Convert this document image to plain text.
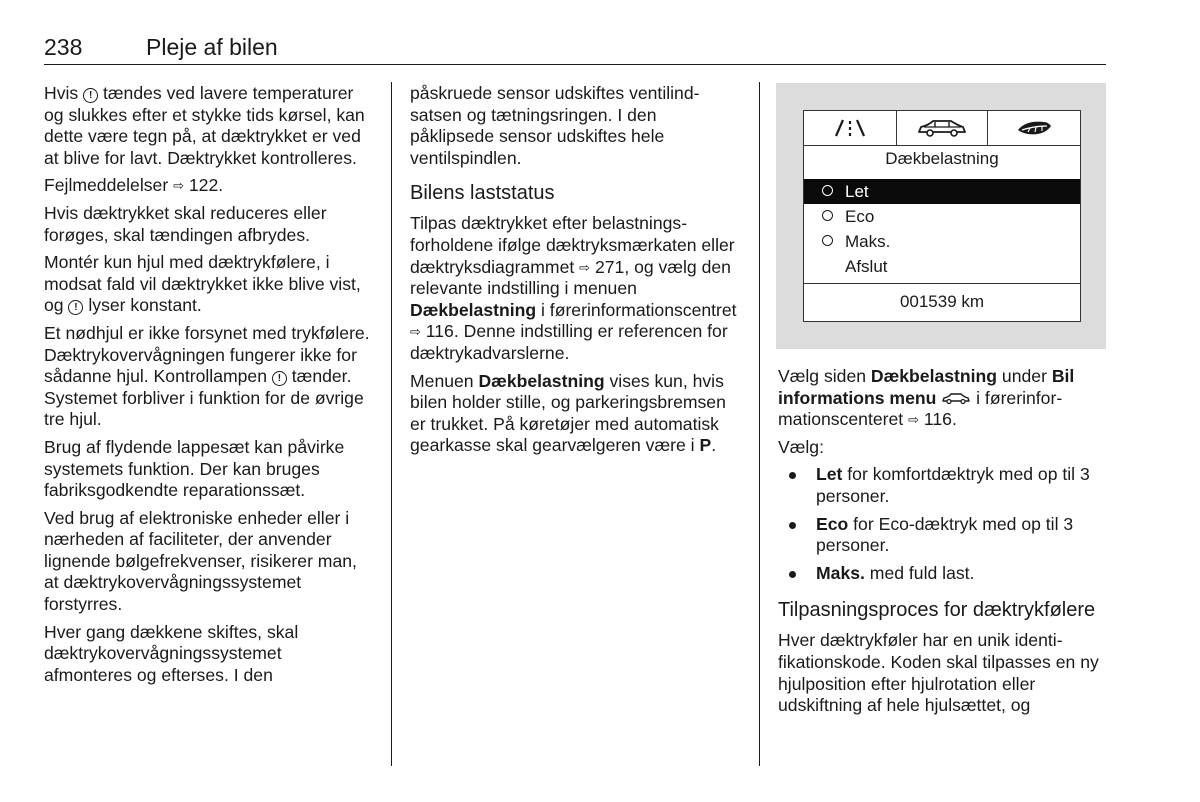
238	Pleje af bilen

Hvis ! tændes ved lavere temperaturer og slukkes efter et stykke tids kørsel, kan dette være tegn på, at dæktrykket er ved at blive for lavt. Dæktrykket kontrolleres.

Fejlmeddelelser ⇨ 122.

Hvis dæktrykket skal reduceres eller forøges, skal tændingen afbrydes.

Montér kun hjul med dæktrykfølere, i modsat fald vil dæktrykket ikke blive vist, og ! lyser konstant.

Et nødhjul er ikke forsynet med trykfølere. Dæktrykovervågningen fungerer ikke for sådanne hjul. Kontrollampen ! tænder. Systemet forbliver i funktion for de øvrige tre hjul.

Brug af flydende lappesæt kan påvirke systemets funktion. Der kan bruges fabriksgodkendte reparationssæt.

Ved brug af elektroniske enheder eller i nærheden af faciliteter, der anvender lignende bølgefrekvenser, risikerer man, at dæktrykovervågningssystemet forstyrres.

Hver gang dækkene skiftes, skal dæktrykovervågningssystemet afmonteres og efterses. I den

påskruede sensor udskiftes ventilindsatsen og tætningsringen. I den påklipsede sensor udskiftes hele ventilspindlen.

Bilens laststatus

Tilpas dæktrykket efter belastningsforholdene ifølge dæktryksmærkaten eller dæktryksdiagrammet ⇨ 271, og vælg den relevante indstilling i menuen Dækbelastning i førerinformationscentret ⇨ 116. Denne indstilling er referencen for dæktrykadvarslerne.

Menuen Dækbelastning vises kun, hvis bilen holder stille, og parkeringsbremsen er trukket. På køretøjer med automatisk gearkasse skal gearvælgeren være i P.

Dækbelastning
Let
Eco
Maks.
Afslut
001539 km

Vælg siden Dækbelastning under Bil informations menu  i førerinformationscenteret ⇨ 116.

Vælg:

Let for komfortdæktryk med op til 3 personer.
Eco for Eco-dæktryk med op til 3 personer.
Maks. med fuld last.
Tilpasningsproces for dæktrykfølere

Hver dæktrykføler har en unik identifikationskode. Koden skal tilpasses en ny hjulposition efter hjulrotation eller udskiftning af hele hjulsættet, og
